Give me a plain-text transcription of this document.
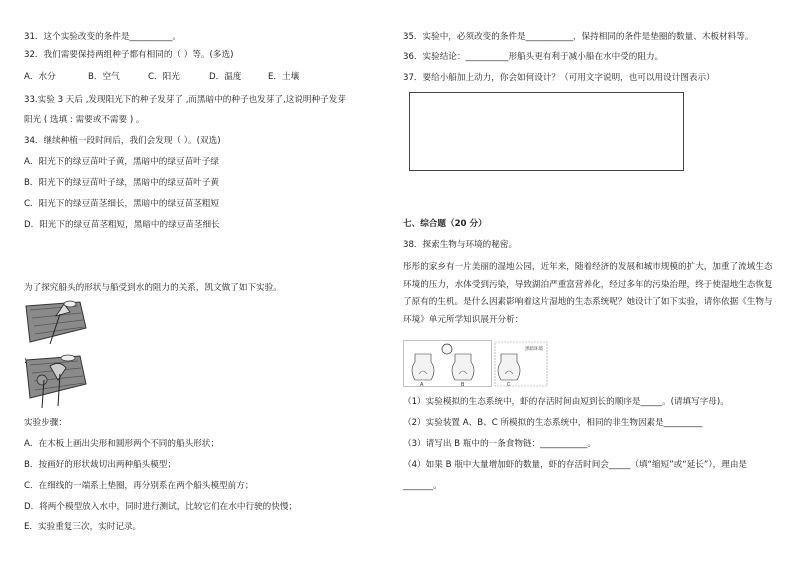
31．这个实验改变的条件是__________。
32．我们需要保持两组种子都有相同的（ ）等。(多选)
A．水分	B．空气	C．阳光	D．温度	E．土壤
33.实验 3 天后 ,发现阳光下的种子发芽了 ,而黑暗中的种子也发芽了,这说明种子发芽
阳光 ( 选填 : 需要或不需要 ) 。
34．继续种植一段时间后，我们会发现（ ）。(双选)
A．阳光下的绿豆苗叶子黄，黑暗中的绿豆苗叶子绿
B．阳光下的绿豆苗叶子绿，黑暗中的绿豆苗叶子黄
C．阳光下的绿豆苗茎细长，黑暗中的绿豆苗茎粗短
D．阳光下的绿豆苗茎粗短，黑暗中的绿豆苗茎细长
为了探究船头的形状与船受到水的阻力的关系，凯文做了如下实验。
:
实验步骤：
A．在木板上画出尖形和圆形两个不同的船头形状；
B．按画好的形状裁切出两种船头模型；
C．在细线的一端系上垫圈，再分别系在两个船头模型前方；
D．将两个模型放入水中，同时进行测试，比较它们在水中行驶的快慢；
E．实验重复三次，实时记录。
35．实验中，必须改变的条件是___________，保持相同的条件是垫圈的数量、木板材料等。
36．实验结论：__________形船头更有利于减小船在水中受的阻力。
37．要给小船加上动力，你会如何设计？（可用文字说明，也可以用设计图表示）
七、综合题（20 分）
38．探索生物与环境的秘密。
彤彤的家乡有一片美丽的湿地公园，近年来，随着经济的发展和城市规模的扩大，加重了流域生态环境的压力，水体受到污染，导致湖泊严重富营养化，经过多年的污染治理，终于使湿地生态恢复了原有的生机。是什么因素影响着这片湿地的生态系统呢？她设计了如下实验，请你依据《生物与环境》单元所学知识展开分析：
A	B	C
黑暗环境
（1）实验模拟的生态系统中，虾的存活时间由短到长的顺序是_____。(请填写字母)。
（2）实验装置 A、B、C 所模拟的生态系统中，相同的非生物因素是_________
（3）请写出 B 瓶中的一条食物链：___________。
（4）如果 B 瓶中大量增加虾的数量，虾的存活时间会_____（填“缩短”或“延长”），理由是
_______。
